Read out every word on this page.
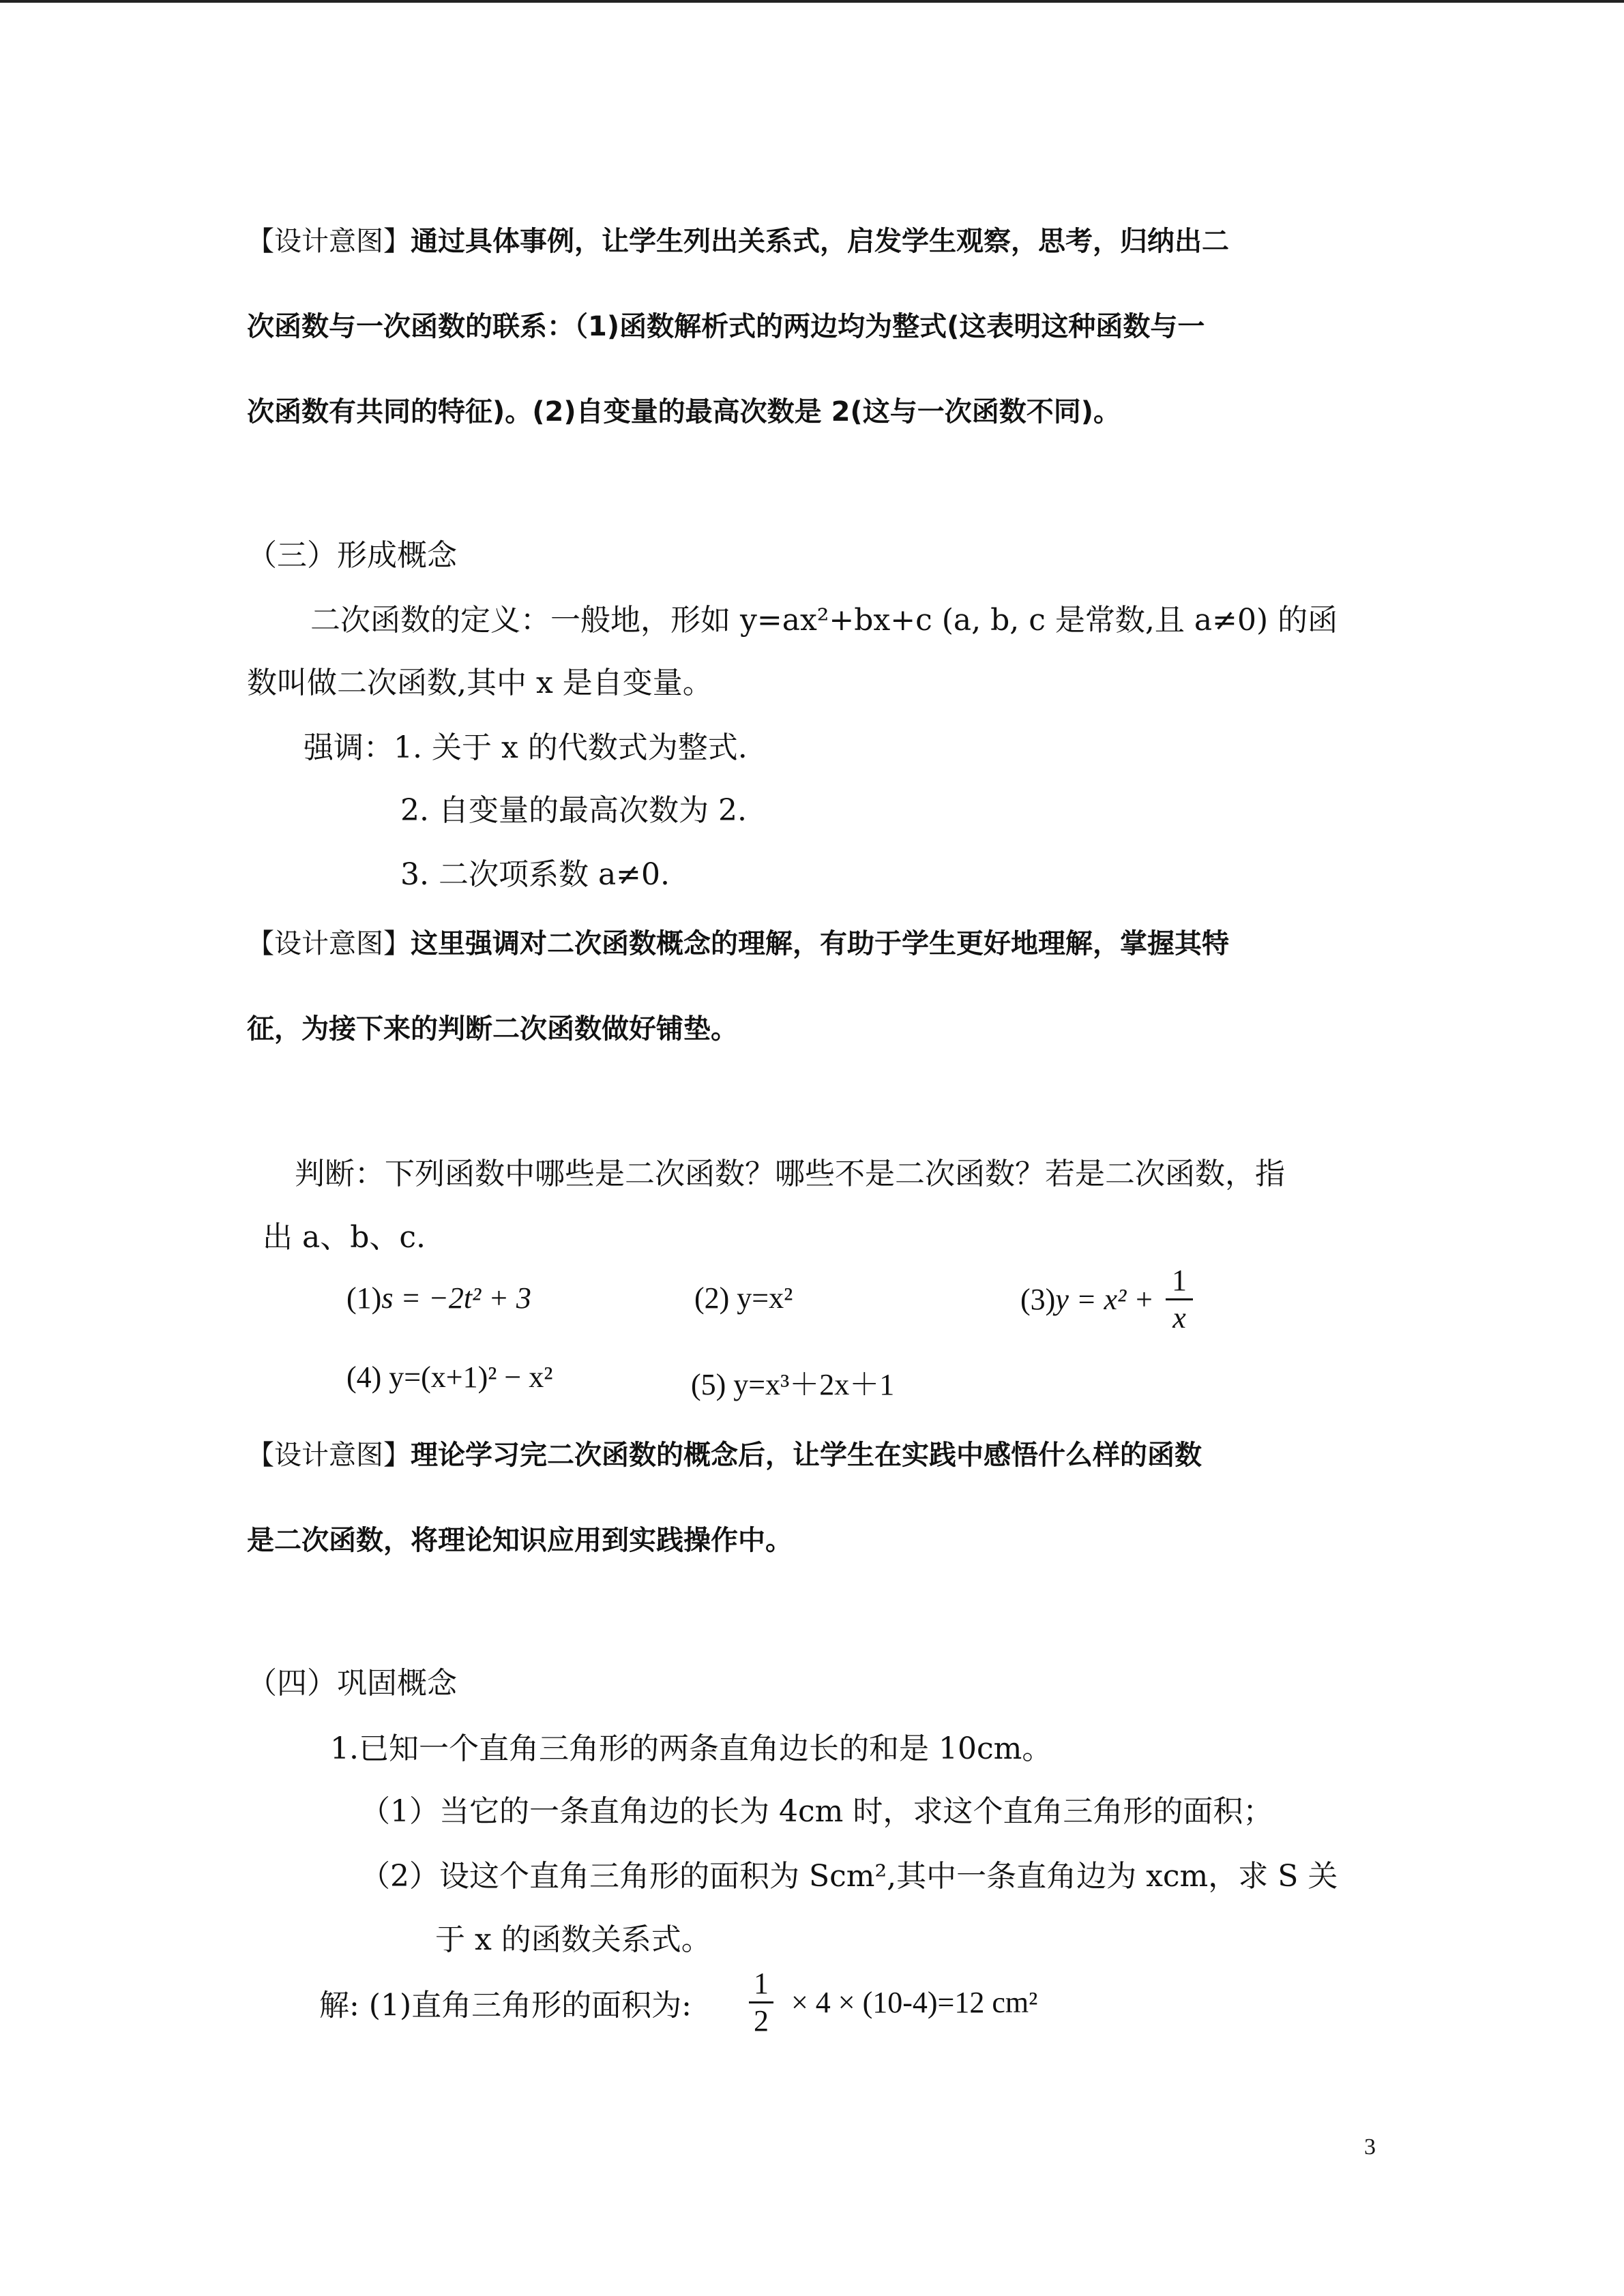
【设计意图】通过具体事例，让学生列出关系式，启发学生观察，思考，归纳出二

次函数与一次函数的联系：（1)函数解析式的两边均为整式(这表明这种函数与一

次函数有共同的特征)。(2)自变量的最高次数是 2(这与一次函数不同)。

（三）形成概念

二次函数的定义：一般地，形如 y=ax²+bx+c (a, b, c 是常数,且 a≠0) 的函

数叫做二次函数,其中 x 是自变量。

强调：1. 关于 x 的代数式为整式.

2. 自变量的最高次数为 2.

3. 二次项系数 a≠0.

【设计意图】这里强调对二次函数概念的理解，有助于学生更好地理解，掌握其特

征，为接下来的判断二次函数做好铺垫。

判断：下列函数中哪些是二次函数？哪些不是二次函数？若是二次函数，指

出 a、b、c.

(1)s = −2t² + 3	(2) y=x²	$(3)y = x^2 + \frac{1}{x}$

(4) y=(x+1)² − x²	(5) y=x³＋2x＋1

【设计意图】理论学习完二次函数的概念后，让学生在实践中感悟什么样的函数

是二次函数，将理论知识应用到实践操作中。

（四）巩固概念

1.已知一个直角三角形的两条直角边长的和是 10cm。

（1）当它的一条直角边的长为 4cm 时，求这个直角三角形的面积；

（2）设这个直角三角形的面积为 Scm²,其中一条直角边为 xcm，求 S 关

于 x 的函数关系式。

解: (1)直角三角形的面积为: $\frac{1}{2} \times 4 \times (10-4)=12$ cm²
3
